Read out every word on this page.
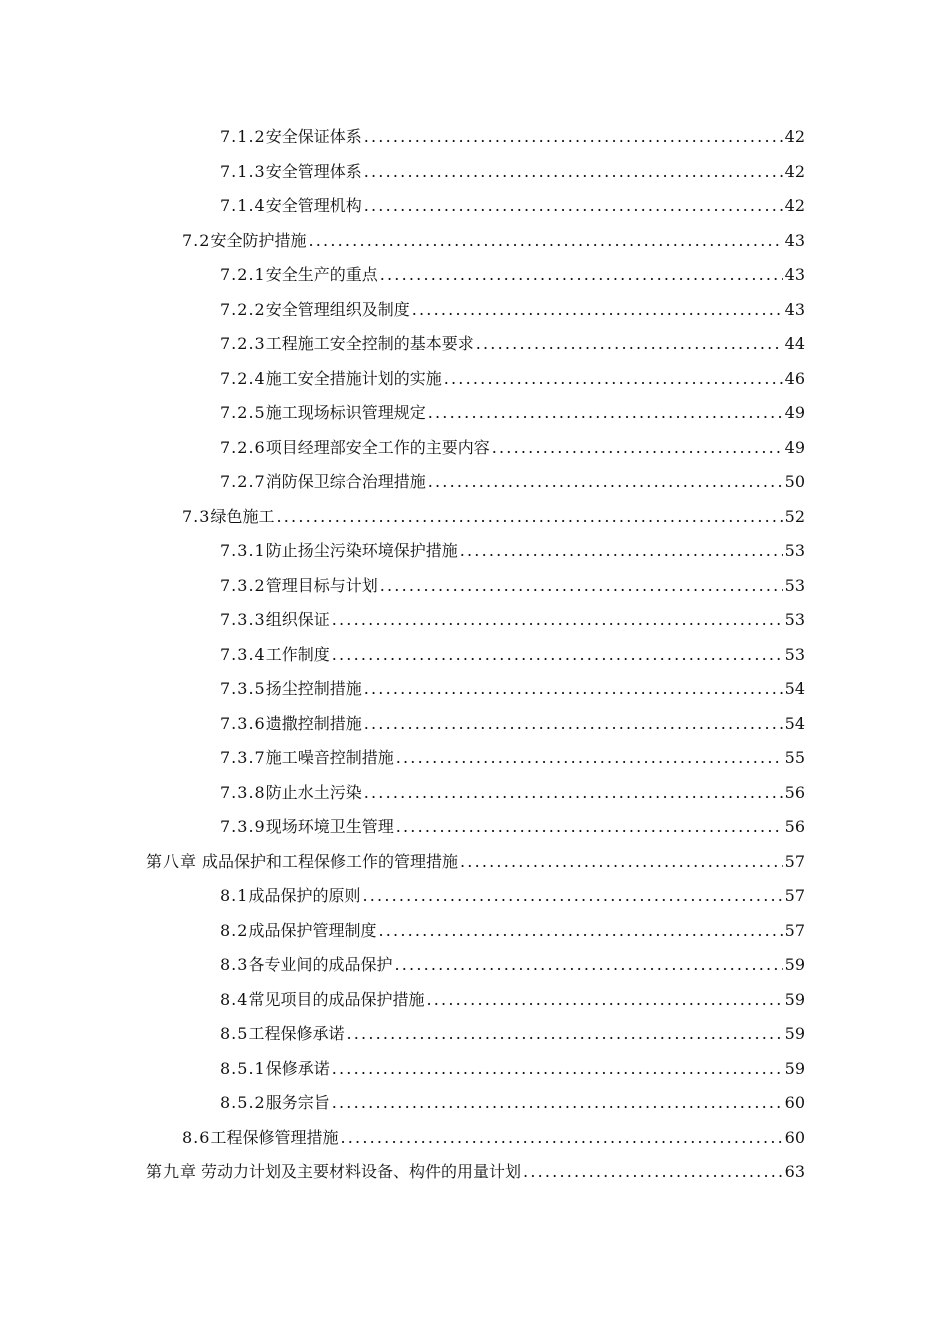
7.1.2 安全保证体系 .....	42
7.1.3 安全管理体系 .....	42
7.1.4 安全管理机构 .....	42
7.2 安全防护措施 .....	43
7.2.1 安全生产的重点 .....	43
7.2.2 安全管理组织及制度 .....	43
7.2.3 工程施工安全控制的基本要求 .....	44
7.2.4 施工安全措施计划的实施 .....	46
7.2.5 施工现场标识管理规定 .....	49
7.2.6 项目经理部安全工作的主要内容 .....	49
7.2.7 消防保卫综合治理措施 .....	50
7.3 绿色施工 .....	52
7.3.1 防止扬尘污染环境保护措施 .....	53
7.3.2 管理目标与计划 .....	53
7.3.3 组织保证 .....	53
7.3.4 工作制度 .....	53
7.3.5 扬尘控制措施 .....	54
7.3.6 遗撒控制措施 .....	54
7.3.7 施工噪音控制措施 .....	55
7.3.8 防止水土污染 .....	56
7.3.9 现场环境卫生管理 .....	56
第八章 成品保护和工程保修工作的管理措施 .....	57
8.1 成品保护的原则 .....	57
8.2 成品保护管理制度 .....	57
8.3 各专业间的成品保护 .....	59
8.4 常见项目的成品保护措施 .....	59
8.5 工程保修承诺 .....	59
8.5.1 保修承诺 .....	59
8.5.2 服务宗旨 .....	60
8.6 工程保修管理措施 .....	60
第九章 劳动力计划及主要材料设备、构件的用量计划 .....	63
